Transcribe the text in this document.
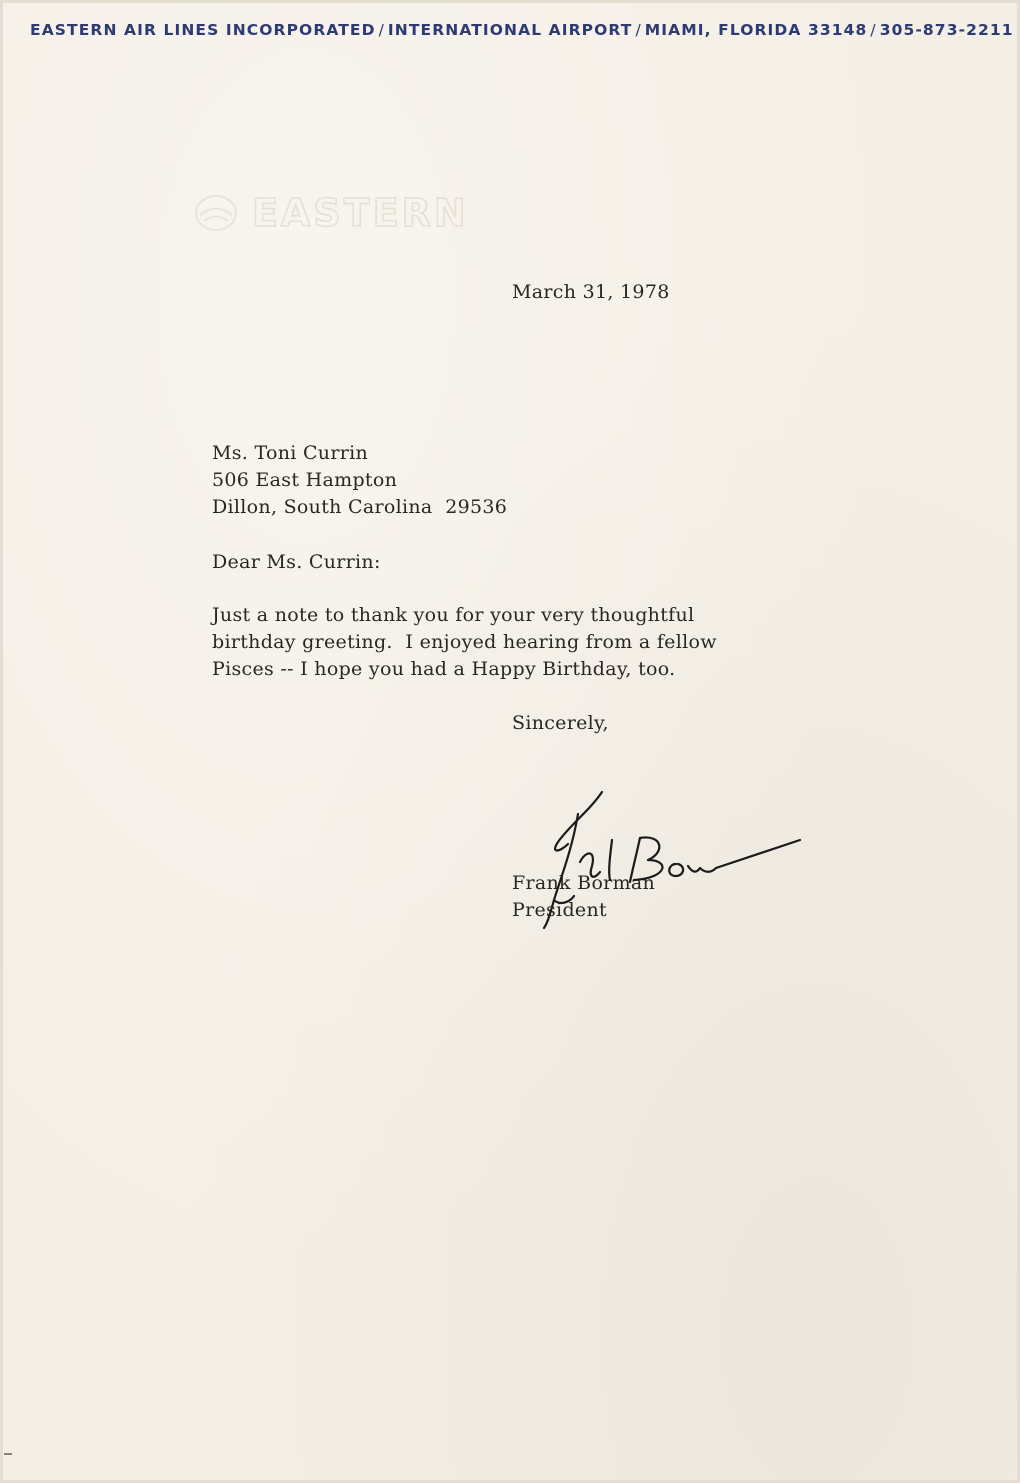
EASTERN AIR LINES INCORPORATED / INTERNATIONAL AIRPORT / MIAMI, FLORIDA 33148 / 305-873-2211
EASTERN
March 31, 1978
Ms. Toni Currin
506 East Hampton
Dillon, South Carolina  29536
Dear Ms. Currin:
Just a note to thank you for your very thoughtful
birthday greeting.  I enjoyed hearing from a fellow
Pisces -- I hope you had a Happy Birthday, too.
Sincerely,
Frank Borman
President
